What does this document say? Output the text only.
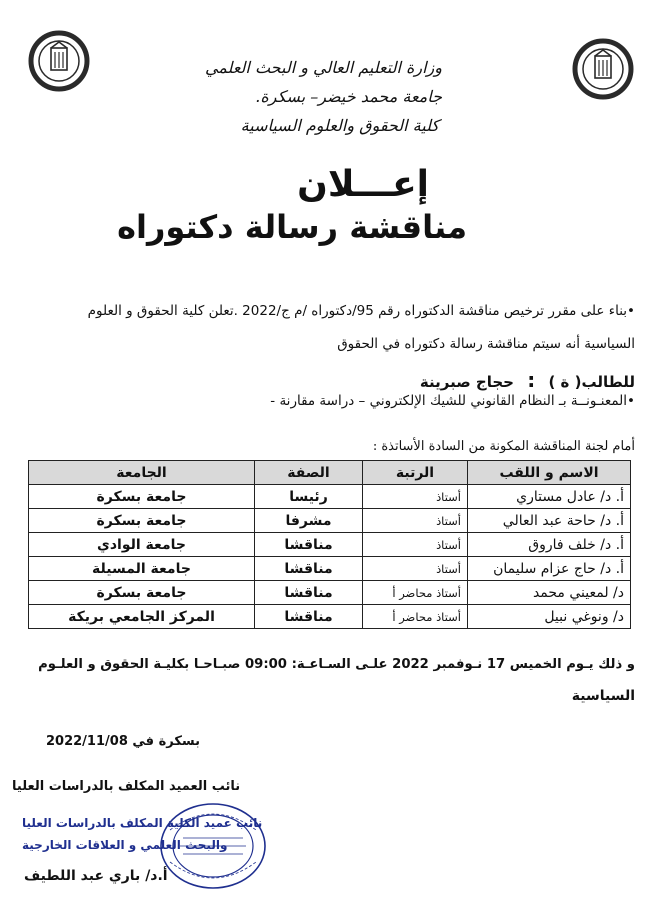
وزارة التعليم العالي و البحث العلمي
جامعة محمد خيضر– بسكرة.
كلية الحقوق والعلوم السياسية
إعـــلان
مناقشة رسالة دكتوراه
•بناء على مقرر ترخيص مناقشة الدكتوراه رقم 95/دكتوراه /م ج/2022 .تعلن كلية الحقوق و العلوم
السياسية أنه سيتم مناقشة رسالة دكتوراه في الحقوق
للطالب( ة ) : حجاج صبرينة
•المعنـونــة بـ النظام القانوني للشيك الإلكتروني – دراسة مقارنة -
أمام لجنة المناقشة المكونة من السادة الأساتذة :
الاسم و اللقب	الرتبة	الصفة	الجامعة
أ. د/ عادل مستاري	أستاذ	رئيسا	جامعة بسكرة
أ. د/ حاحة عبد العالي	أستاذ	مشرفا	جامعة بسكرة
أ. د/ خلف فاروق	أستاذ	مناقشا	جامعة الوادي
أ. د/ حاج عزام سليمان	أستاذ	مناقشا	جامعة المسيلة
د/ لمعيني محمد	أستاذ محاضر أ	مناقشا	جامعة بسكرة
د/ ونوغي نبيل	أستاذ محاضر أ	مناقشا	المركز الجامعي بريكة
و ذلك يـوم الخميس 17 نـوفمبر 2022 علـى السـاعـة: 09:00 صبـاحـا بكليـة الحقوق و العلـوم
السياسية
بسكرة في 2022/11/08
نائب العميد المكلف بالدراسات العليا
نائب عميد الكلية المكلف بالدراسات العليا
والبحث العلمي و العلاقات الخارجية
أ.د/ باري عبد اللطيف
